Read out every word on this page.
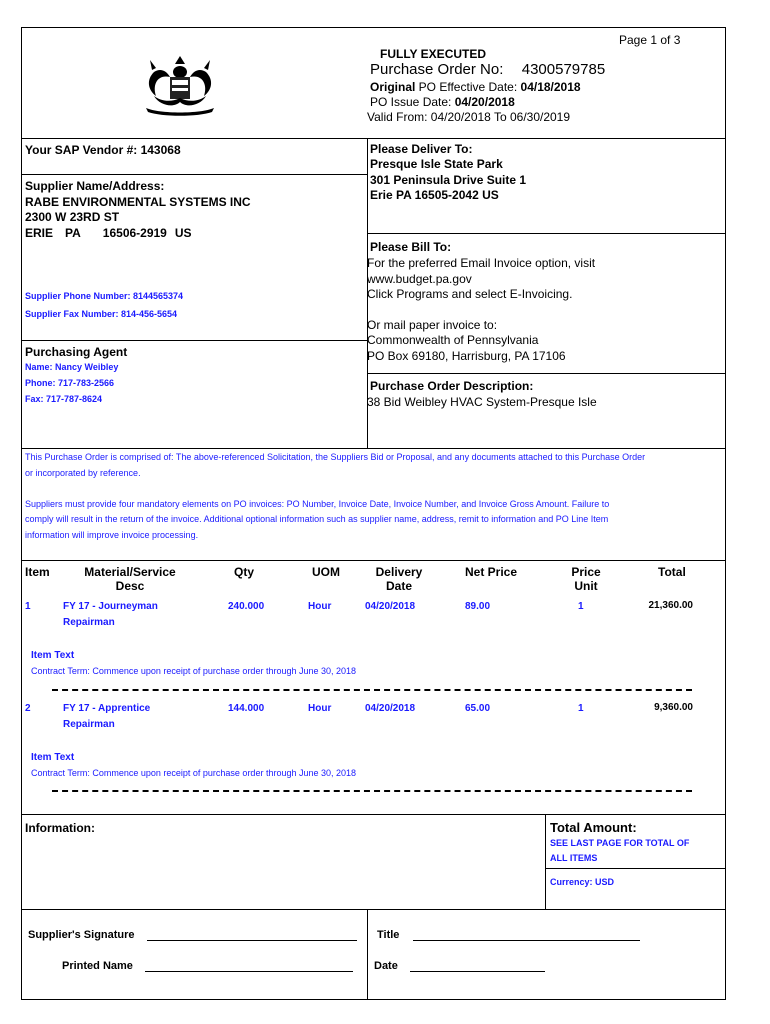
Page 1 of 3
FULLY EXECUTED
Purchase Order No: 4300579785
Original PO Effective Date: 04/18/2018
PO Issue Date: 04/20/2018
Valid From: 04/20/2018 To 06/30/2019
Your SAP Vendor #: 143068
Supplier Name/Address:
RABE ENVIRONMENTAL SYSTEMS INC
2300 W 23RD ST
ERIE PA 16506-2919 US
Supplier Phone Number: 8144565374
Supplier Fax Number: 814-456-5654
Purchasing Agent
Name: Nancy Weibley
Phone: 717-783-2566
Fax: 717-787-8624
Please Deliver To:
Presque Isle State Park
301 Peninsula Drive Suite 1
Erie PA 16505-2042 US
Please Bill To:
For the preferred Email Invoice option, visit
www.budget.pa.gov
Click Programs and select E-Invoicing.
Or mail paper invoice to:
Commonwealth of Pennsylvania
PO Box 69180, Harrisburg, PA 17106
Purchase Order Description:
38 Bid Weibley HVAC System-Presque Isle
This Purchase Order is comprised of: The above-referenced Solicitation, the Suppliers Bid or Proposal, and any documents attached to this Purchase Order
or incorporated by reference.
Suppliers must provide four mandatory elements on PO invoices: PO Number, Invoice Date, Invoice Number, and Invoice Gross Amount. Failure to
comply will result in the return of the invoice. Additional optional information such as supplier name, address, remit to information and PO Line Item
information will improve invoice processing.
Item	Material/Service
Desc
Qty	UOM	Delivery
Date
Net Price	Price
Unit
Total
1	FY 17 - Journeyman
Repairman
240.000	Hour	04/20/2018	89.00	1	21,360.00
Item Text
Contract Term: Commence upon receipt of purchase order through June 30, 2018
2	FY 17 - Apprentice
Repairman
144.000	Hour	04/20/2018	65.00	1	9,360.00
Item Text
Contract Term: Commence upon receipt of purchase order through June 30, 2018
Information:	Total Amount:
SEE LAST PAGE FOR TOTAL OF
ALL ITEMS
Currency: USD
Supplier's Signature
Printed Name
Title
Date
